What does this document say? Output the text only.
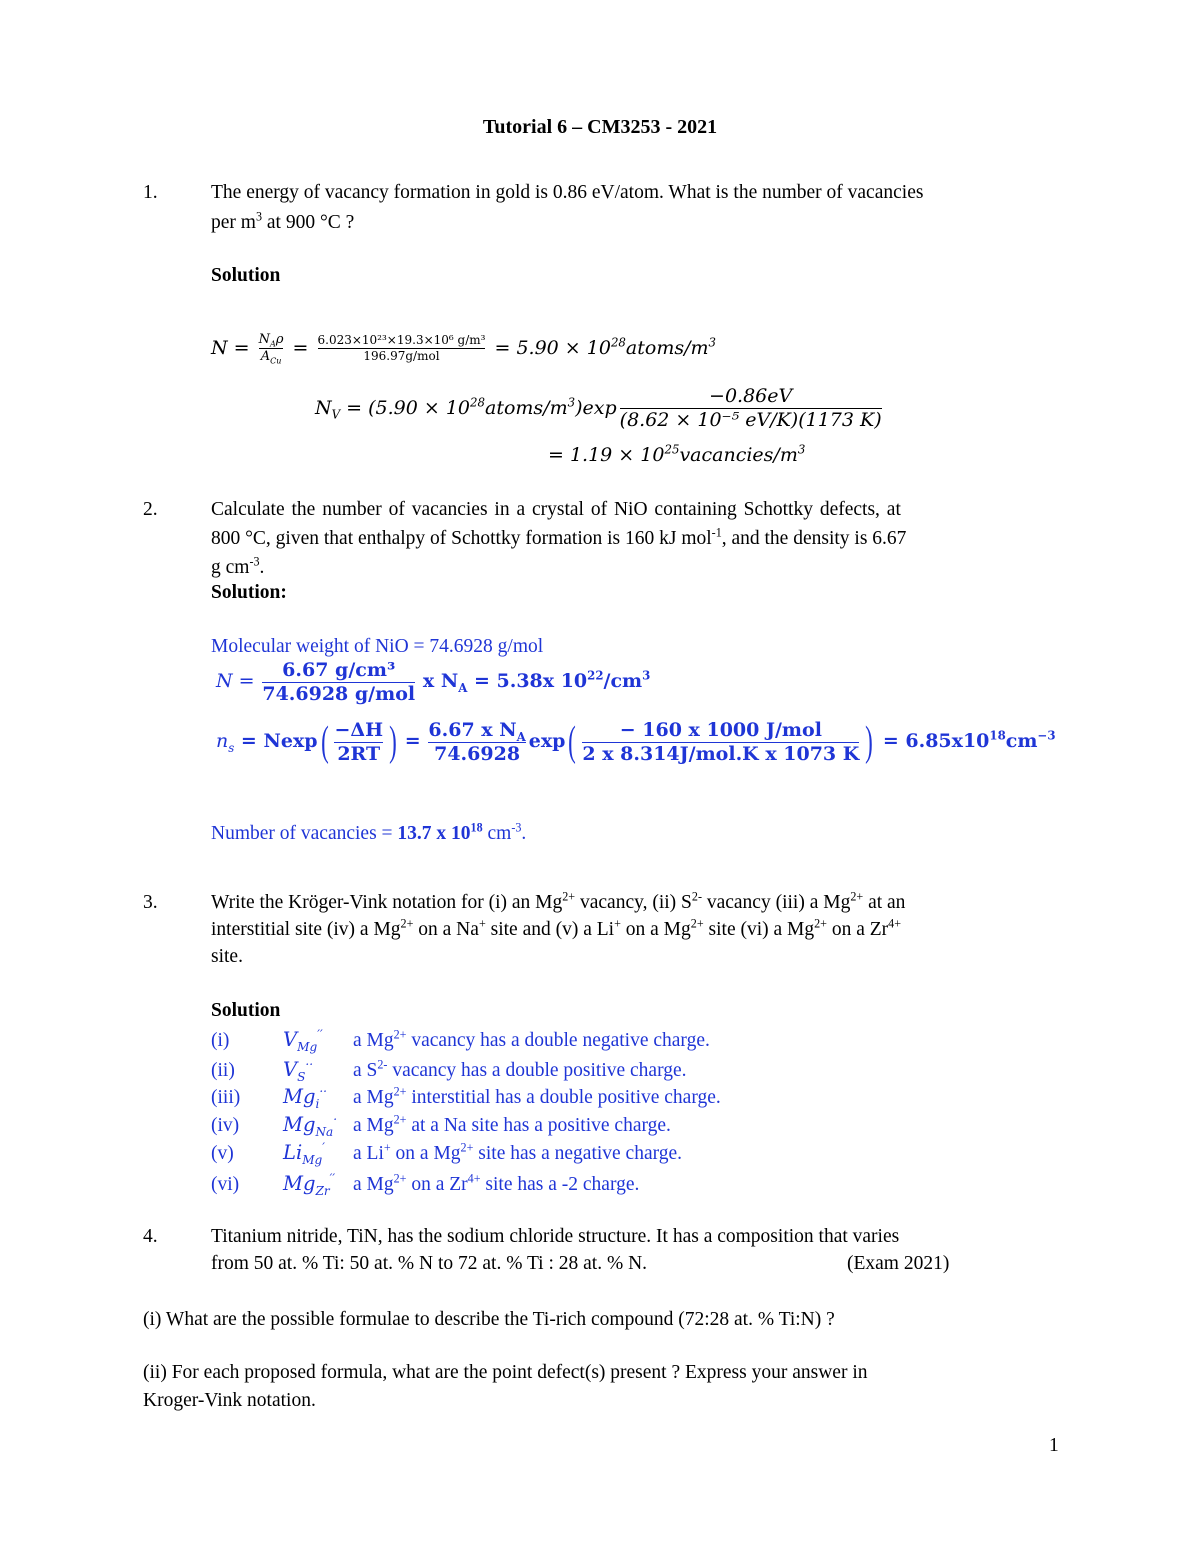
Tutorial 6 – CM3253 - 2021
1.	The energy of vacancy formation in gold is 0.86 eV/atom. What is the number of vacancies
per $m^3$ at 900 °C ?
Solution
$N = \frac{N_A\rho}{A_{Cu}} = \frac{\text{6.023×10²³×19.3×10⁶ g/m³}}{\text{196.97g/mol}} = 5.90$ × $10^{28}atoms/m^3$
$N_V = (5.90$ × $10^{28}atoms/m^3)\exp \frac{-0.86eV}{\text{(8.62 × 10⁻⁵ eV/K)(1173 K)}}$
= $1.19 \times 10^{25}vacancies/m^3$
2.	Calculate the number of vacancies in a crystal of NiO containing Schottky defects, at
800 °C, given that enthalpy of Schottky formation is 160 kJ mol$^{-1}$, and the density is 6.67
g $cm^{-3}$.
Solution:
Molecular weight of NiO = 74.6928 g/mol
$N = \frac{\text{6.67 g/cm³}}{\text{74.6928 g/mol}}$ x $N_A = 5.38x$ $10^{22}/cm^3$
$n_s = Nexp( \frac{-\Delta H}{2RT}$ ) = $\frac{6.67 x N_A}{74.6928} \exp( \frac{\text{− 160 x 1000 J/mol}}{\text{2 x 8.314J/mol.K x 1073 K}}$ ) = $6.85x10^{18}cm^{-3}$
Number of vacancies = 13.7 x $10^{18}$ $cm^{-3}$.
3.	Write the Kröger-Vink notation for (i) an $Mg^{2+}$ vacancy, (ii) $S^{2-}$ vacancy (iii) a $Mg^{2+}$ at an
interstitial site (iv) a $Mg^{2+}$ on a Na+ site and (v) a Li+ on a $Mg^{2+}$ site (vi) a $Mg^{2+}$ on a $Zr^{4+}$
site.
Solution
(i)	$V_{Mg}''$ a $Mg^{2+}$ vacancy has a double negative charge.
(ii) $V_S^{\cdot\cdot}$ a $S^{2-}$ vacancy has a double positive charge.
(iii) $Mg_i^{\cdot\cdot}$ a $Mg^{2+}$ interstitial has a double positive charge.
(iv) $Mg_{Na}^\cdot$ a $Mg^{2+}$ at a Na site has a positive charge.
(v)	$Li_{Mg}'$ a Li+ on a $Mg^{2+}$ site has a negative charge.
(vi) $Mg_{Zr}''$ a $Mg^{2+}$ on a $Zr^{4+}$ site has a -2 charge.
4.	Titanium nitride, TiN, has the sodium chloride structure. It has a composition that varies
from 50 at. % Ti: 50 at. % N to 72 at. % Ti : 28 at. % N.	(Exam 2021)
(i) What are the possible formulae to describe the Ti-rich compound (72:28 at. % Ti:N) ?
(ii) For each proposed formula, what are the point defect(s) present ? Express your answer in
Kroger-Vink notation.
1
